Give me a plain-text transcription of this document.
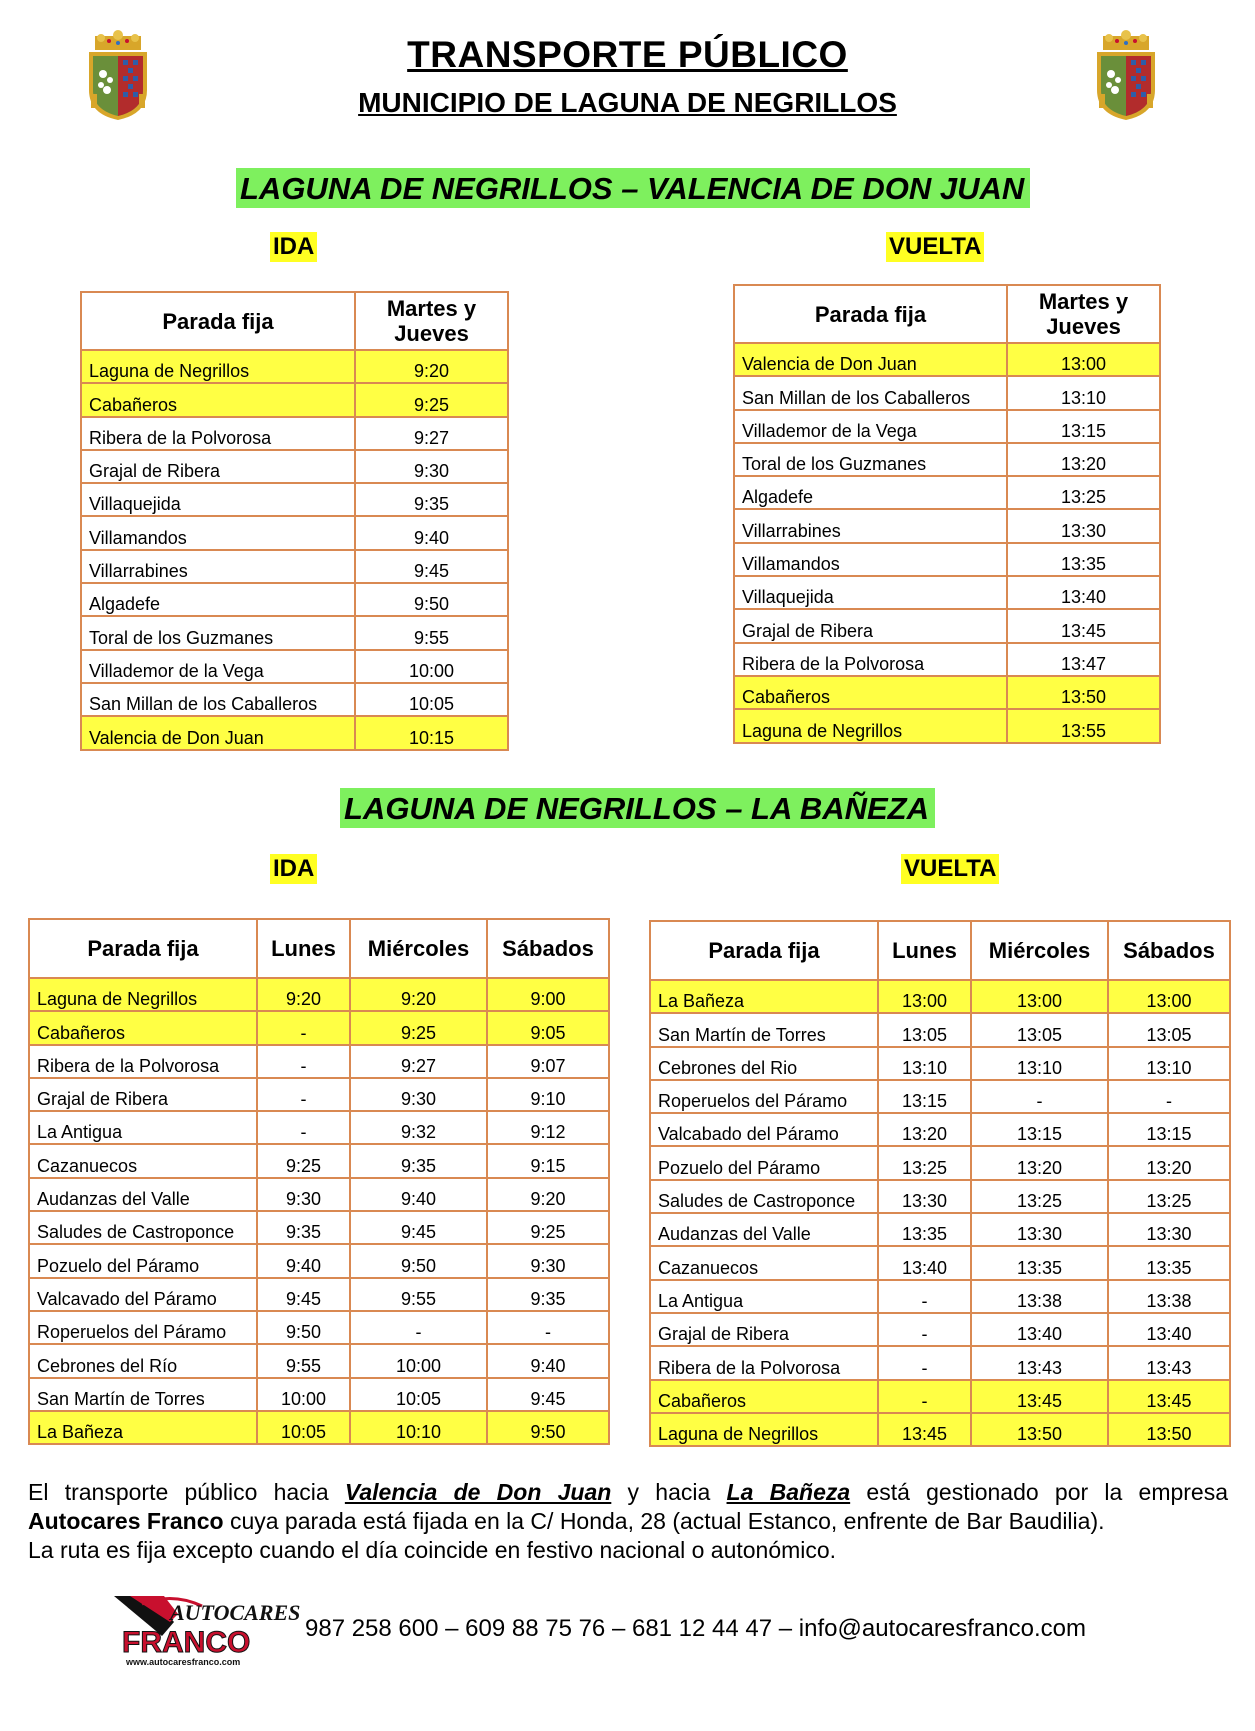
TRANSPORTE PÚBLICO
MUNICIPIO DE LAGUNA DE NEGRILLOS
LAGUNA DE NEGRILLOS – VALENCIA DE DON JUAN
IDA	VUELTA
Parada fija	Martes y Jueves
Laguna de Negrillos	9:20
Cabañeros	9:25
Ribera de la Polvorosa	9:27
Grajal de Ribera	9:30
Villaquejida	9:35
Villamandos	9:40
Villarrabines	9:45
Algadefe	9:50
Toral de los Guzmanes	9:55
Villademor de la Vega	10:00
San Millan de los Caballeros	10:05
Valencia de Don Juan	10:15
Parada fija	Martes y Jueves
Valencia de Don Juan	13:00
San Millan de los Caballeros	13:10
Villademor de la Vega	13:15
Toral de los Guzmanes	13:20
Algadefe	13:25
Villarrabines	13:30
Villamandos	13:35
Villaquejida	13:40
Grajal de Ribera	13:45
Ribera de la Polvorosa	13:47
Cabañeros	13:50
Laguna de Negrillos	13:55
LAGUNA DE NEGRILLOS – LA BAÑEZA
IDA	VUELTA
Parada fija	Lunes	Miércoles	Sábados
Laguna de Negrillos	9:20	9:20	9:00
Cabañeros	-	9:25	9:05
Ribera de la Polvorosa	-	9:27	9:07
Grajal de Ribera	-	9:30	9:10
La Antigua	-	9:32	9:12
Cazanuecos	9:25	9:35	9:15
Audanzas del Valle	9:30	9:40	9:20
Saludes de Castroponce	9:35	9:45	9:25
Pozuelo del Páramo	9:40	9:50	9:30
Valcavado del Páramo	9:45	9:55	9:35
Roperuelos del Páramo	9:50	-	-
Cebrones del Río	9:55	10:00	9:40
San Martín de Torres	10:00	10:05	9:45
La Bañeza	10:05	10:10	9:50
Parada fija	Lunes	Miércoles	Sábados
La Bañeza	13:00	13:00	13:00
San Martín de Torres	13:05	13:05	13:05
Cebrones del Rio	13:10	13:10	13:10
Roperuelos del Páramo	13:15	-	-
Valcabado del Páramo	13:20	13:15	13:15
Pozuelo del Páramo	13:25	13:20	13:20
Saludes de Castroponce	13:30	13:25	13:25
Audanzas del Valle	13:35	13:30	13:30
Cazanuecos	13:40	13:35	13:35
La Antigua	-	13:38	13:38
Grajal de Ribera	-	13:40	13:40
Ribera de la Polvorosa	-	13:43	13:43
Cabañeros	-	13:45	13:45
Laguna de Negrillos	13:45	13:50	13:50
El transporte público hacia Valencia de Don Juan y hacia La Bañeza está gestionado por la empresa
Autocares Franco cuya parada está fijada en la C/ Honda, 28 (actual Estanco, enfrente de Bar Baudilia).
La ruta es fija excepto cuando el día coincide en festivo nacional o autonómico.
AUTOCARES
FRANCO
www.autocaresfranco.com
987 258 600 – 609 88 75 76 – 681 12 44 47 – info@autocaresfranco.com
